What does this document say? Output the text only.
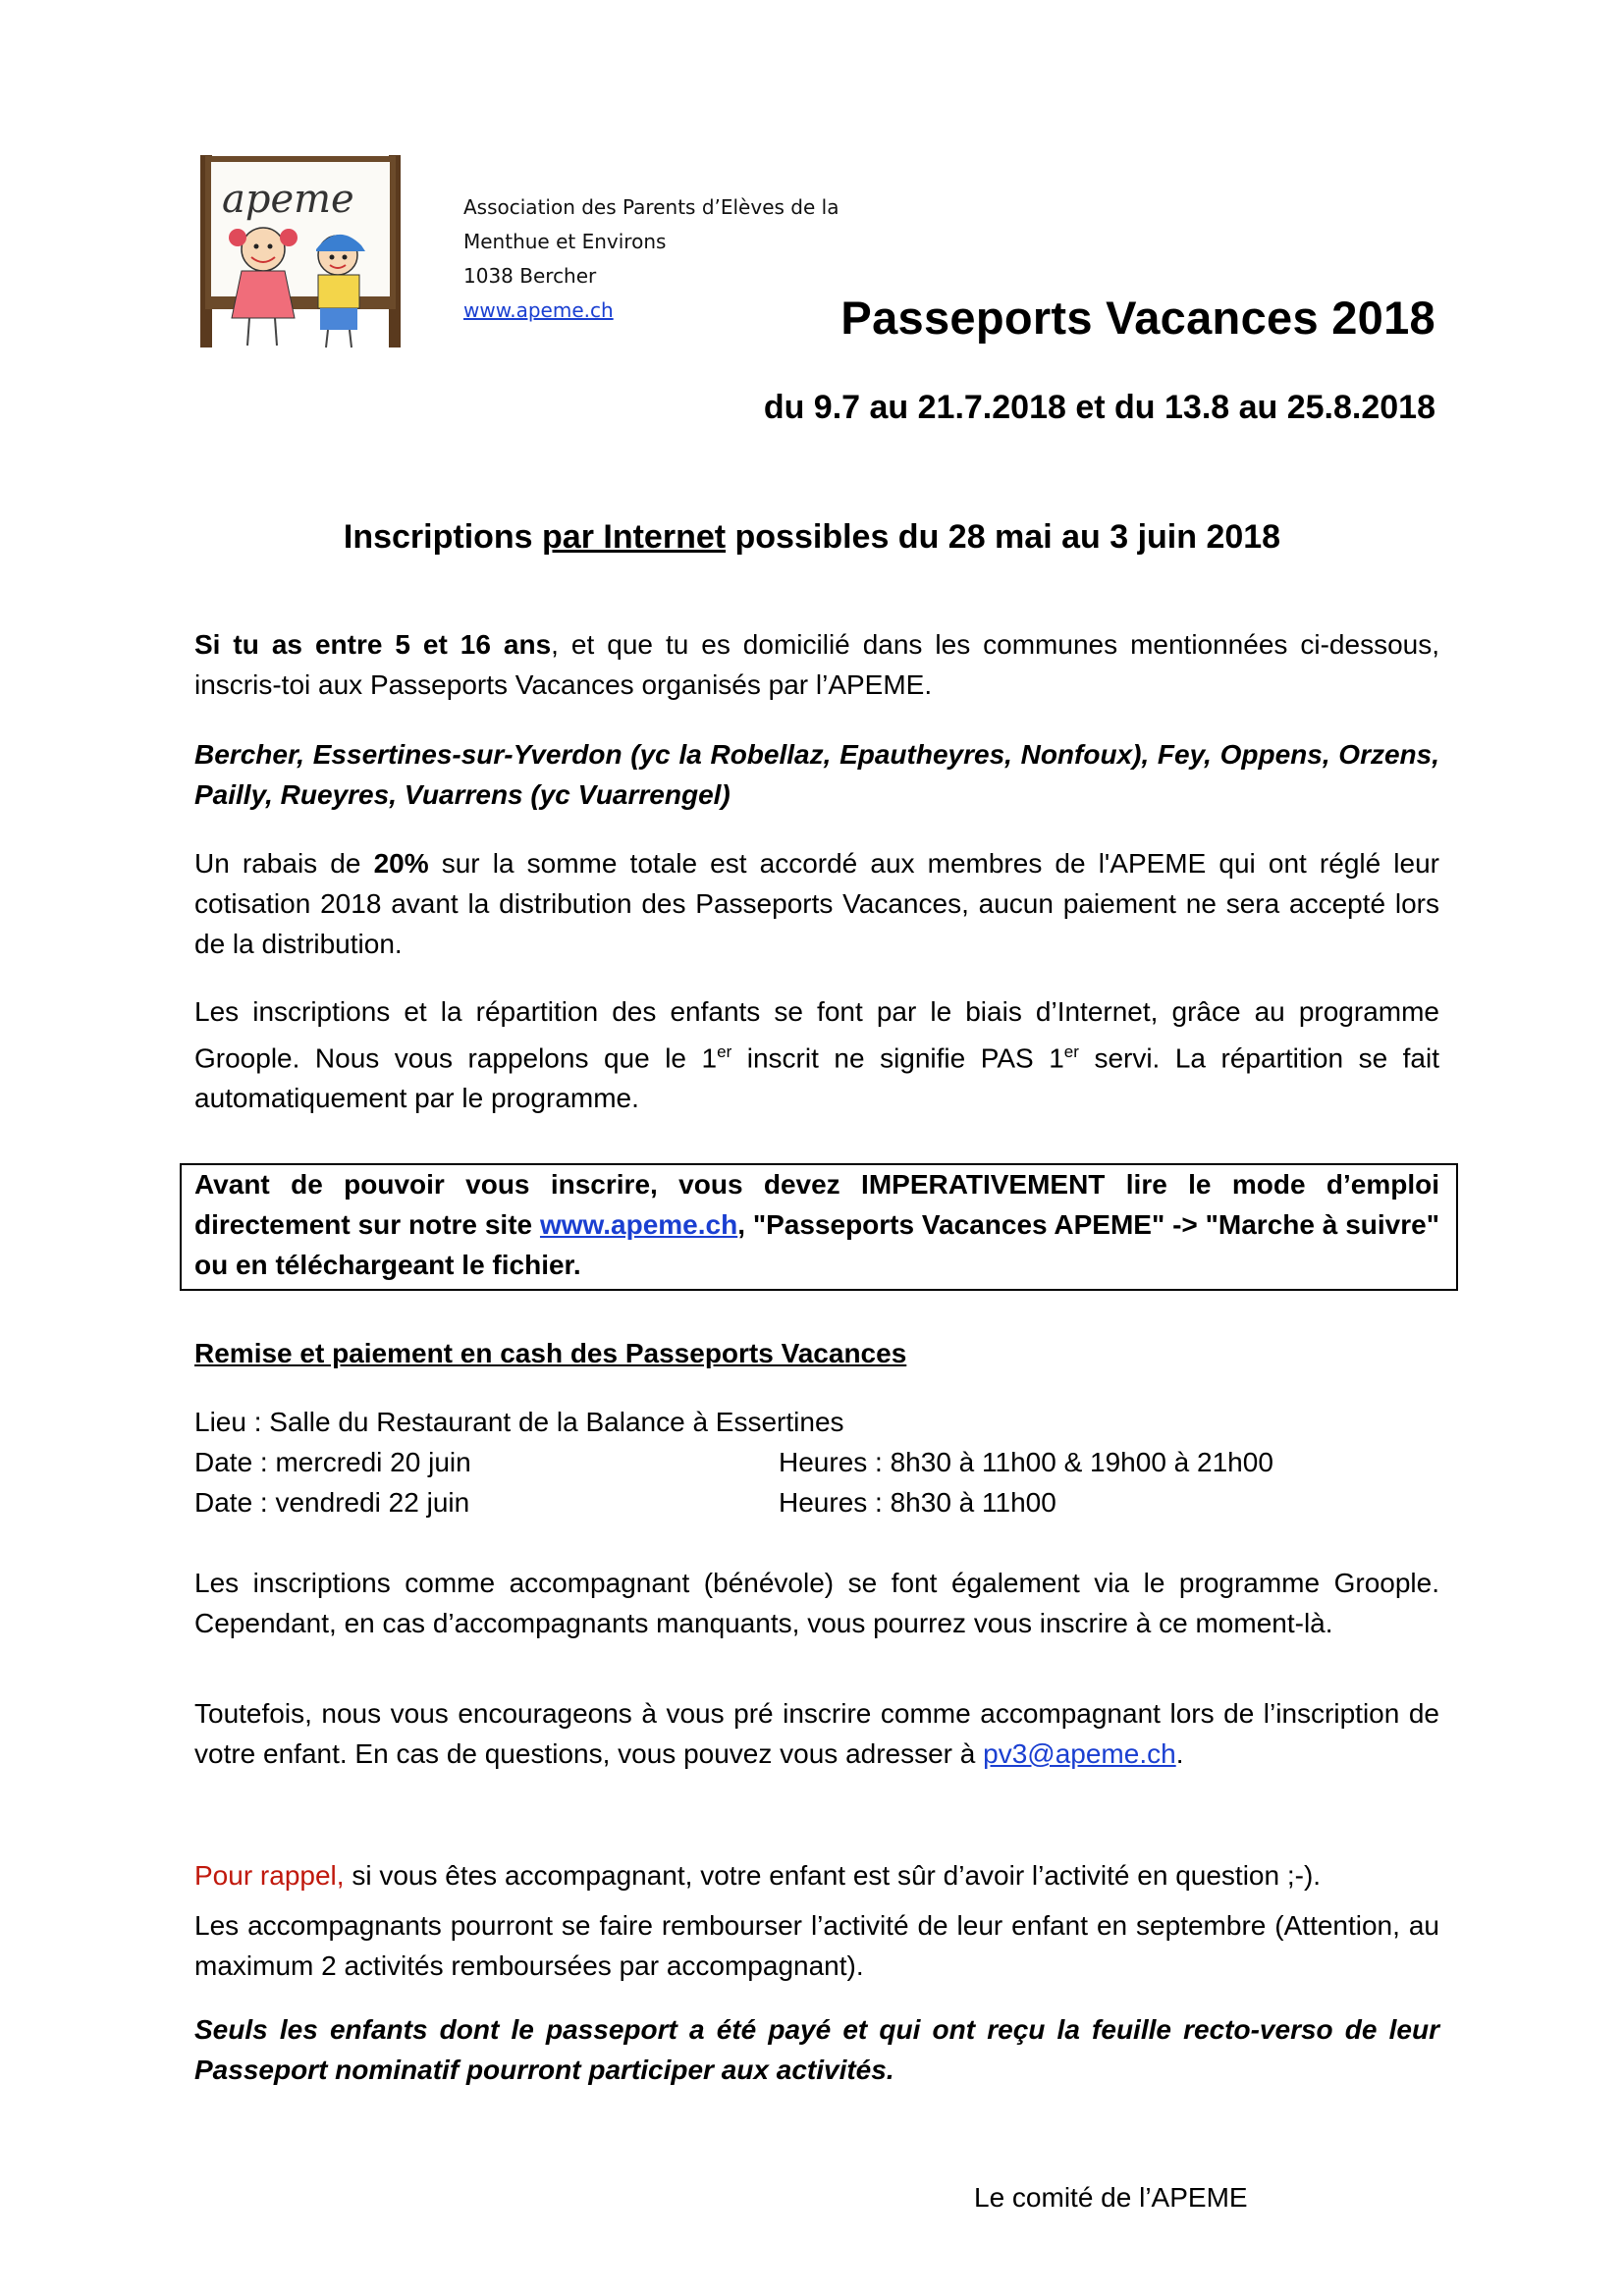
apeme	Association des Parents d’Elèves de la
Menthue et Environs
1038 Bercher
www.apeme.ch	Passeports Vacances 2018
du 9.7 au 21.7.2018 et du 13.8 au 25.8.2018
Inscriptions par Internet possibles du 28 mai au 3 juin 2018
Si tu as entre 5 et 16 ans, et que tu es domicilié dans les communes mentionnées ci-dessous, inscris-toi aux Passeports Vacances organisés par l’APEME.
Bercher, Essertines-sur-Yverdon (yc la Robellaz, Epautheyres, Nonfoux), Fey, Oppens, Orzens, Pailly, Rueyres, Vuarrens (yc Vuarrengel)
Un rabais de 20% sur la somme totale est accordé aux membres de l'APEME qui ont réglé leur cotisation 2018 avant la distribution des Passeports Vacances, aucun paiement ne sera accepté lors de la distribution.
Les inscriptions et la répartition des enfants se font par le biais d’Internet, grâce au programme Groople. Nous vous rappelons que le 1er inscrit ne signifie PAS 1er servi. La répartition se fait automatiquement par le programme.
Avant de pouvoir vous inscrire, vous devez IMPERATIVEMENT lire le mode d’emploi directement sur notre site www.apeme.ch, "Passeports Vacances APEME" -> "Marche à suivre" ou en téléchargeant le fichier.
Remise et paiement en cash des Passeports Vacances
Lieu : Salle du Restaurant de la Balance à Essertines
Date : mercredi 20 juin	Heures : 8h30 à 11h00 & 19h00 à 21h00
Date : vendredi 22 juin	Heures : 8h30 à 11h00
Les inscriptions comme accompagnant (bénévole) se font également via le programme Groople. Cependant, en cas d’accompagnants manquants, vous pourrez vous inscrire à ce moment-là.
Toutefois, nous vous encourageons à vous pré inscrire comme accompagnant lors de l’inscription de votre enfant. En cas de questions, vous pouvez vous adresser à pv3@apeme.ch.
Pour rappel, si vous êtes accompagnant, votre enfant est sûr d’avoir l’activité en question ;-).
Les accompagnants pourront se faire rembourser l’activité de leur enfant en septembre (Attention, au maximum 2 activités remboursées par accompagnant).
Seuls les enfants dont le passeport a été payé et qui ont reçu la feuille recto-verso de leur Passeport nominatif pourront participer aux activités.
Le comité de l’APEME
